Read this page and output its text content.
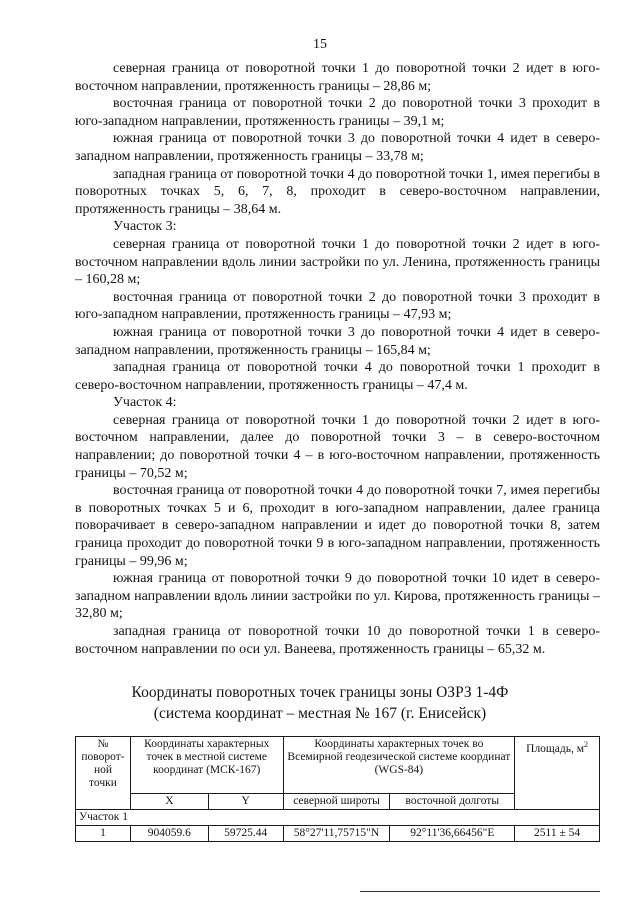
15

северная граница от поворотной точки 1 до поворотной точки 2 идет в юго-восточном направлении, протяженность границы – 28,86 м;

восточная граница от поворотной точки 2 до поворотной точки 3 проходит в юго-западном направлении, протяженность границы – 39,1 м;

южная граница от поворотной точки 3 до поворотной точки 4 идет в северо-западном направлении, протяженность границы – 33,78 м;

западная граница от поворотной точки 4 до поворотной точки 1, имея перегибы в поворотных точках 5, 6, 7, 8, проходит в северо-восточном направлении, протяженность границы – 38,64 м.

Участок 3:

северная граница от поворотной точки 1 до поворотной точки 2 идет в юго-восточном направлении вдоль линии застройки по ул. Ленина, протяженность границы – 160,28 м;

восточная граница от поворотной точки 2 до поворотной точки 3 проходит в юго-западном направлении, протяженность границы – 47,93 м;

южная граница от поворотной точки 3 до поворотной точки 4 идет в северо-западном направлении, протяженность границы – 165,84 м;

западная граница от поворотной точки 4 до поворотной точки 1 проходит в северо-восточном направлении, протяженность границы – 47,4 м.

Участок 4:

северная граница от поворотной точки 1 до поворотной точки 2 идет в юго-восточном направлении, далее до поворотной точки 3 – в северо-восточном направлении; до поворотной точки 4 – в юго-восточном направлении, протяженность границы – 70,52 м;

восточная граница от поворотной точки 4 до поворотной точки 7, имея перегибы в поворотных точках 5 и 6, проходит в юго-западном направлении, далее граница поворачивает в северо-западном направлении и идет до поворотной точки 8, затем граница проходит до поворотной точки 9 в юго-западном направлении, протяженность границы – 99,96 м;

южная граница от поворотной точки 9 до поворотной точки 10 идет в северо-западном направлении вдоль линии застройки по ул. Кирова, протяженность границы – 32,80 м;

западная граница от поворотной точки 10 до поворотной точки 1 в северо-восточном направлении по оси ул. Ванеева, протяженность границы – 65,32 м.

Координаты поворотных точек границы зоны ОЗРЗ 1-4Ф
(система координат – местная № 167 (г. Енисейск)
№ поворот-ной точки	Координаты характерных точек в местной системе координат (МСК-167)		Координаты характерных точек во Всемирной геодезической системе координат (WGS-84)		Площадь, $м^2$
	X	Y	северной широты	восточной долготы	
Участок 1					
1	904059.6	59725.44	58°27'11,75715"N	92°11'36,66456"E	2511 ± 54
